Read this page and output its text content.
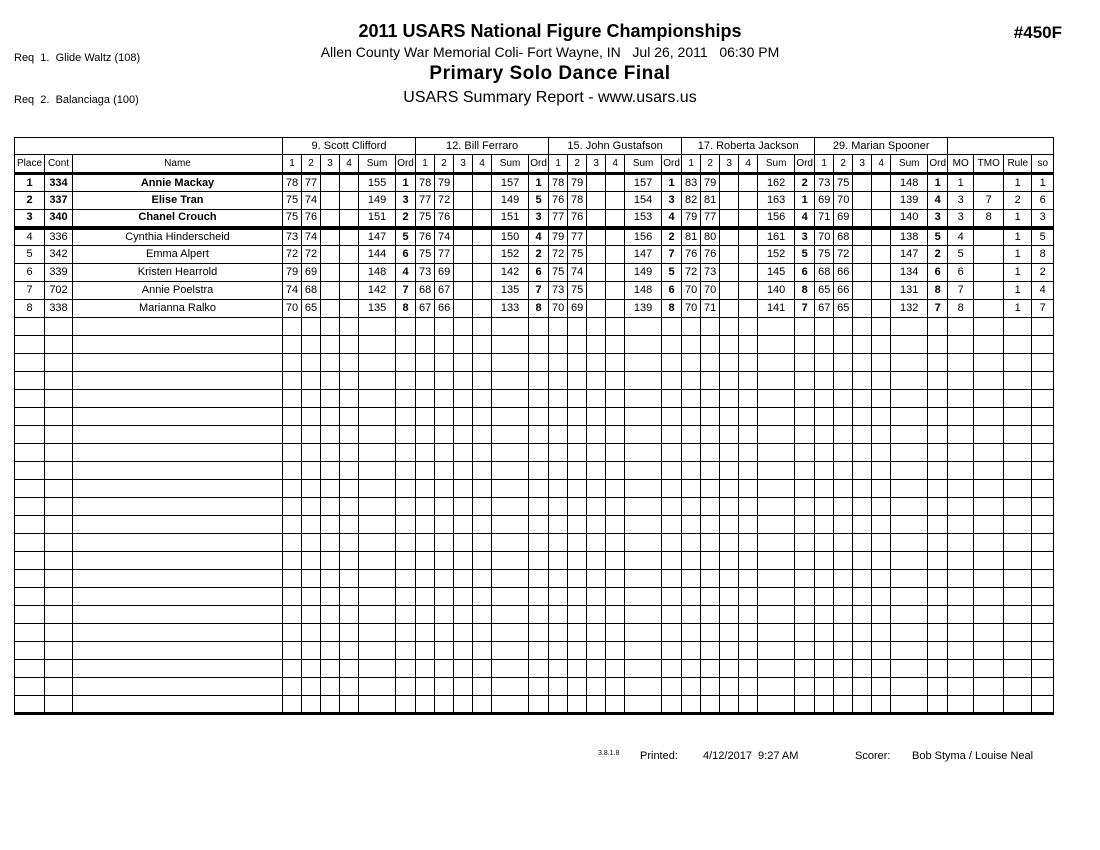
Req  1.  Glide Waltz (108)

Req  2.  Balanciaga (100)

2011 USARS National Figure Championships
Allen County War Memorial Coli- Fort Wayne, IN   Jul 26, 2011   06:30 PM
Primary Solo Dance Final
USARS Summary Report - www.usars.us
#450F
			9. Scott Clifford						12. Bill Ferraro						15. John Gustafson						17. Roberta Jackson						29. Marian Spooner									
Place	Cont	Name	1	2	3	4	Sum	Ord	1	2	3	4	Sum	Ord	1	2	3	4	Sum	Ord	1	2	3	4	Sum	Ord	1	2	3	4	Sum	Ord	MO	TMO	Rule	so
1	334	Annie Mackay	78	77			155	1	78	79			157	1	78	79			157	1	83	79			162	2	73	75			148	1	1		1	1
2	337	Elise Tran	75	74			149	3	77	72			149	5	76	78			154	3	82	81			163	1	69	70			139	4	3	7	2	6
3	340	Chanel Crouch	75	76			151	2	75	76			151	3	77	76			153	4	79	77			156	4	71	69			140	3	3	8	1	3
4	336	Cynthia Hinderscheid	73	74			147	5	76	74			150	4	79	77			156	2	81	80			161	3	70	68			138	5	4		1	5
5	342	Emma Alpert	72	72			144	6	75	77			152	2	72	75			147	7	76	76			152	5	75	72			147	2	5		1	8
6	339	Kristen Hearrold	79	69			148	4	73	69			142	6	75	74			149	5	72	73			145	6	68	66			134	6	6		1	2
7	702	Annie Poelstra	74	68			142	7	68	67			135	7	73	75			148	6	70	70			140	8	65	66			131	8	7		1	4
8	338	Marianna Ralko	70	65			135	8	67	66			133	8	70	69			139	8	70	71			141	7	67	65			132	7	8		1	7

3.8.1.8 Printed: 4/12/2017  9:27 AM	Scorer: Bob Styma / Louise Neal
